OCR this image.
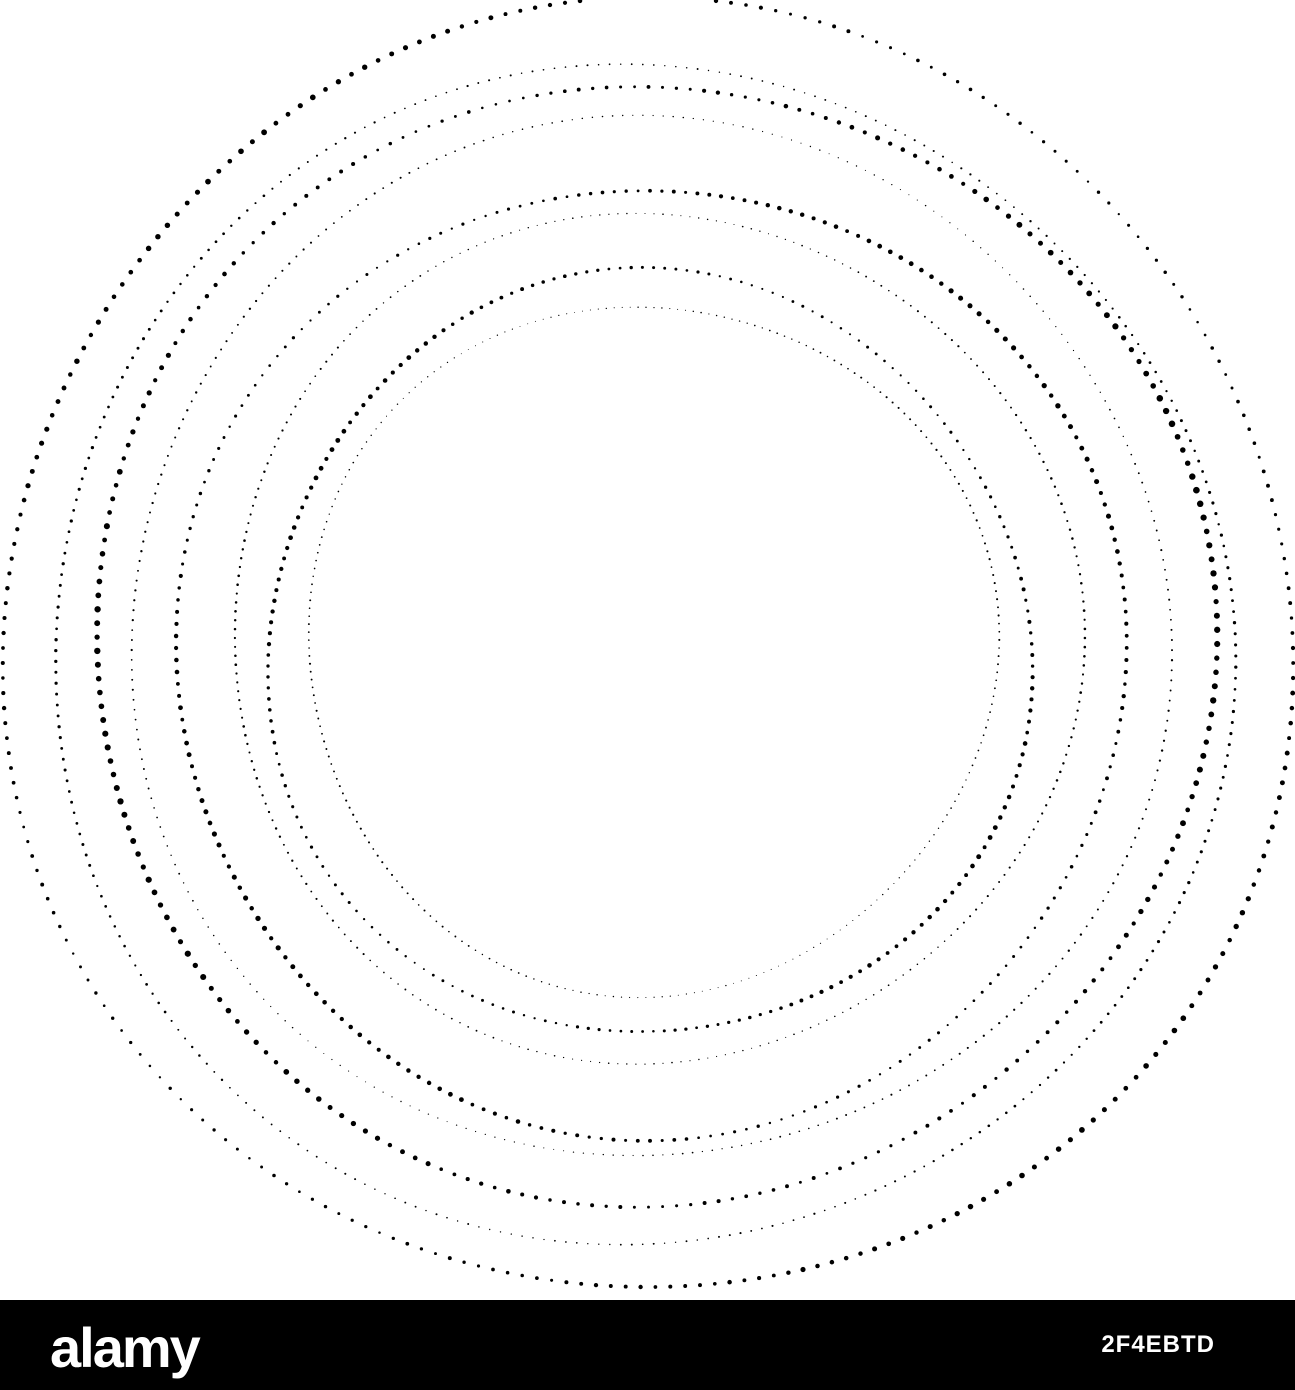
alamy	2F4EBTD
